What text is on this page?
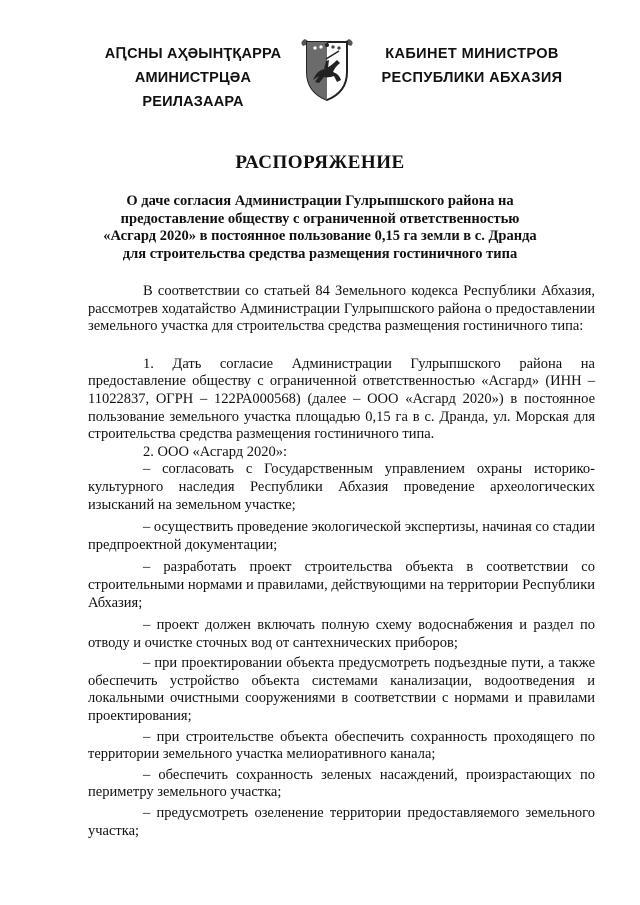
АԤСНЫ АҲӘЫНҬҚАРРА
АМИНИСТРЦӘА РЕИЛАЗААРА
КАБИНЕТ МИНИСТРОВ
РЕСПУБЛИКИ АБХАЗИЯ
РАСПОРЯЖЕНИЕ
О даче согласия Администрации Гулрыпшского района на
предоставление обществу с ограниченной ответственностью
«Асгард 2020» в постоянное пользование 0,15 га земли в с. Дранда
для строительства средства размещения гостиничного типа

В соответствии со статьей 84 Земельного кодекса Республики Абхазия, рассмотрев ходатайство Администрации Гулрыпшского района о предоставлении земельного участка для строительства средства размещения гостиничного типа:

1. Дать согласие Администрации Гулрыпшского района на предоставление обществу с ограниченной ответственностью «Асгард» (ИНН – 11022837, ОГРН – 122РА000568) (далее – ООО «Асгард 2020») в постоянное пользование земельного участка площадью 0,15 га в с. Дранда, ул. Морская для строительства средства размещения гостиничного типа.

2. ООО «Асгард 2020»:

– согласовать с Государственным управлением охраны историко-культурного наследия Республики Абхазия проведение археологических изысканий на земельном участке;

– осуществить проведение экологической экспертизы, начиная со стадии предпроектной документации;

– разработать проект строительства объекта в соответствии со строительными нормами и правилами, действующими на территории Республики Абхазия;

– проект должен включать полную схему водоснабжения и раздел по отводу и очистке сточных вод от сантехнических приборов;

– при проектировании объекта предусмотреть подъездные пути, а также обеспечить устройство объекта системами канализации, водоотведения и локальными очистными сооружениями в соответствии с нормами и правилами проектирования;

– при строительстве объекта обеспечить сохранность проходящего по территории земельного участка мелиоративного канала;

– обеспечить сохранность зеленых насаждений, произрастающих по периметру земельного участка;

– предусмотреть озеленение территории предоставляемого земельного участка;
